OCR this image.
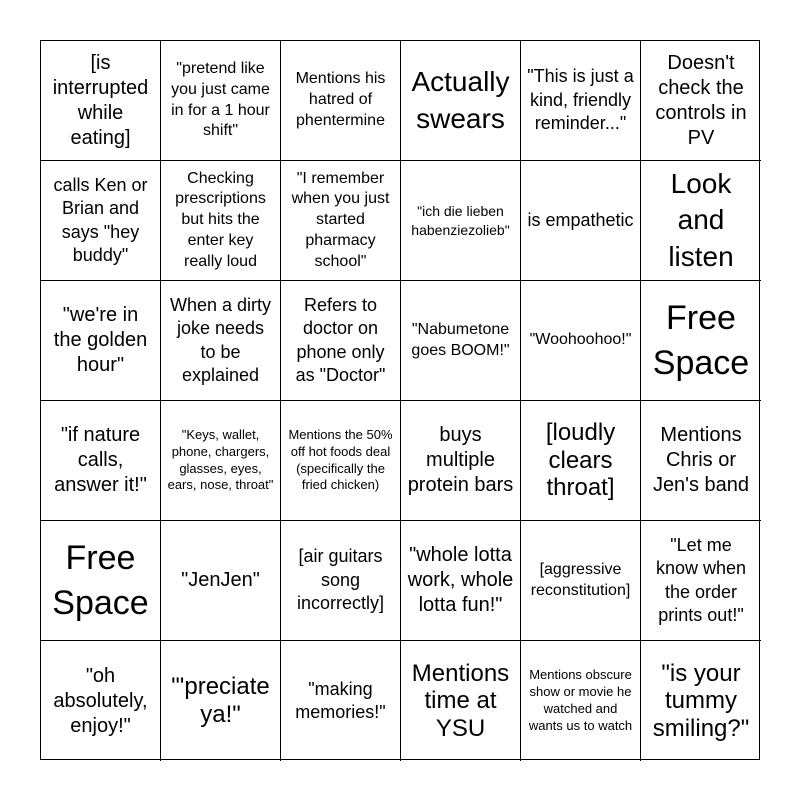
[is interrupted while eating]
"pretend like you just came in for a 1 hour shift"
Mentions his hatred of phentermine
Actually swears
"This is just a kind, friendly reminder..."
Doesn't check the controls in PV
calls Ken or Brian and says "hey buddy"
Checking prescriptions but hits the enter key really loud
"I remember when you just started pharmacy school"
"ich die lieben habenziezolieb" is empathetic
Look and listen
"we're in the golden hour"
When a dirty joke needs to be explained
Refers to doctor on phone only as "Doctor"
"Nabumetone goes BOOM!"
"Woohoohoo!"
Free Space
"if nature calls, answer it!"
"Keys, wallet, phone, chargers, glasses, eyes, ears, nose, throat"
Mentions the 50% off hot foods deal (specifically the fried chicken)
buys multiple protein bars
[loudly clears throat]
Mentions Chris or Jen's band
Free Space
"JenJen"
[air guitars song incorrectly]
"whole lotta work, whole lotta fun!"
[aggressive reconstitution]
"Let me know when the order prints out!"
"oh absolutely, enjoy!"
"'preciate ya!"
"making memories!"
Mentions time at YSU
Mentions obscure show or movie he watched and wants us to watch
"is your tummy smiling?"
